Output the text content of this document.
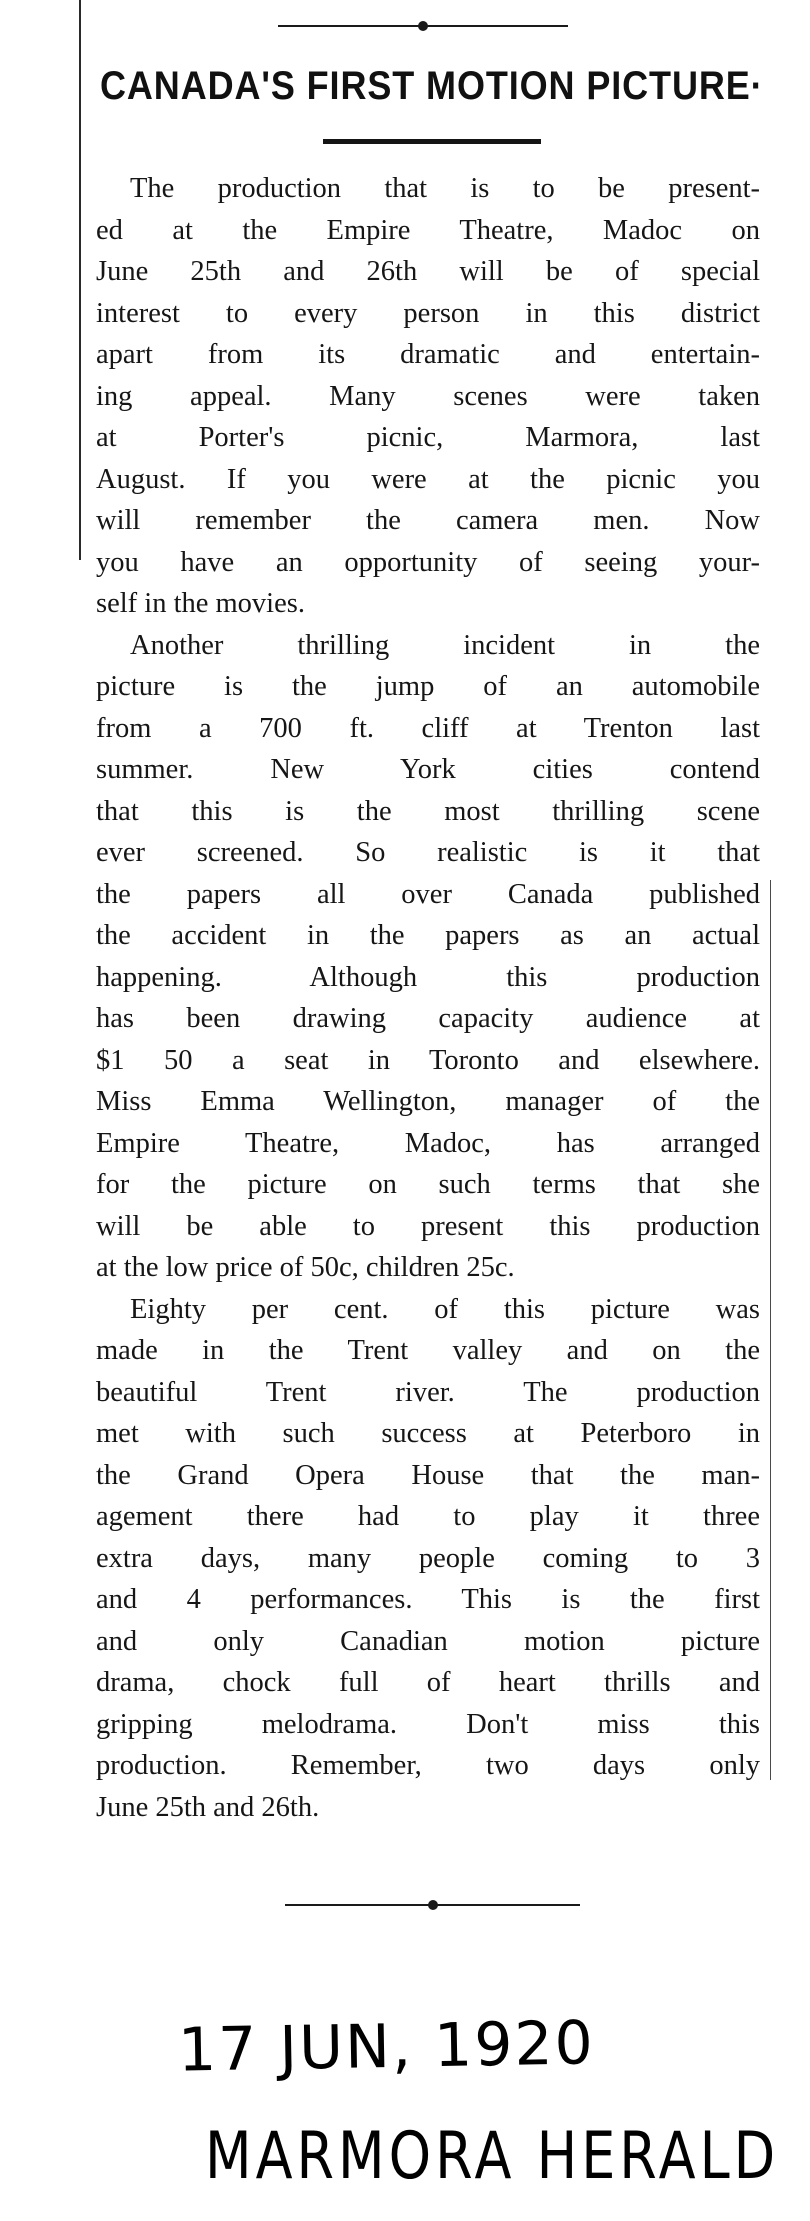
CANADA'S FIRST MOTION PICTURE·

The production that is to be present-
ed at the Empire Theatre, Madoc on
June 25th and 26th will be of special
interest to every person in this district
apart from its dramatic and entertain-
ing appeal. Many scenes were taken
at Porter's picnic, Marmora, last
August. If you were at the picnic you
will remember the camera men. Now
you have an opportunity of seeing your-
self in the movies.

Another thrilling incident in the
picture is the jump of an automobile
from a 700 ft. cliff at Trenton last
summer. New York cities contend
that this is the most thrilling scene
ever screened. So realistic is it that
the papers all over Canada published
the accident in the papers as an actual
happening. Although this production
has been drawing capacity audience at
$1 50 a seat in Toronto and elsewhere.
Miss Emma Wellington, manager of the
Empire Theatre, Madoc, has arranged
for the picture on such terms that she
will be able to present this production
at the low price of 50c, children 25c.

Eighty per cent. of this picture was
made in the Trent valley and on the
beautiful Trent river. The production
met with such success at Peterboro in
the Grand Opera House that the man-
agement there had to play it three
extra days, many people coming to 3
and 4 performances. This is the first
and only Canadian motion picture
drama, chock full of heart thrills and
gripping melodrama. Don't miss this
production. Remember, two days only
June 25th and 26th.

17 JUN, 1920
MARMORA HERALD
